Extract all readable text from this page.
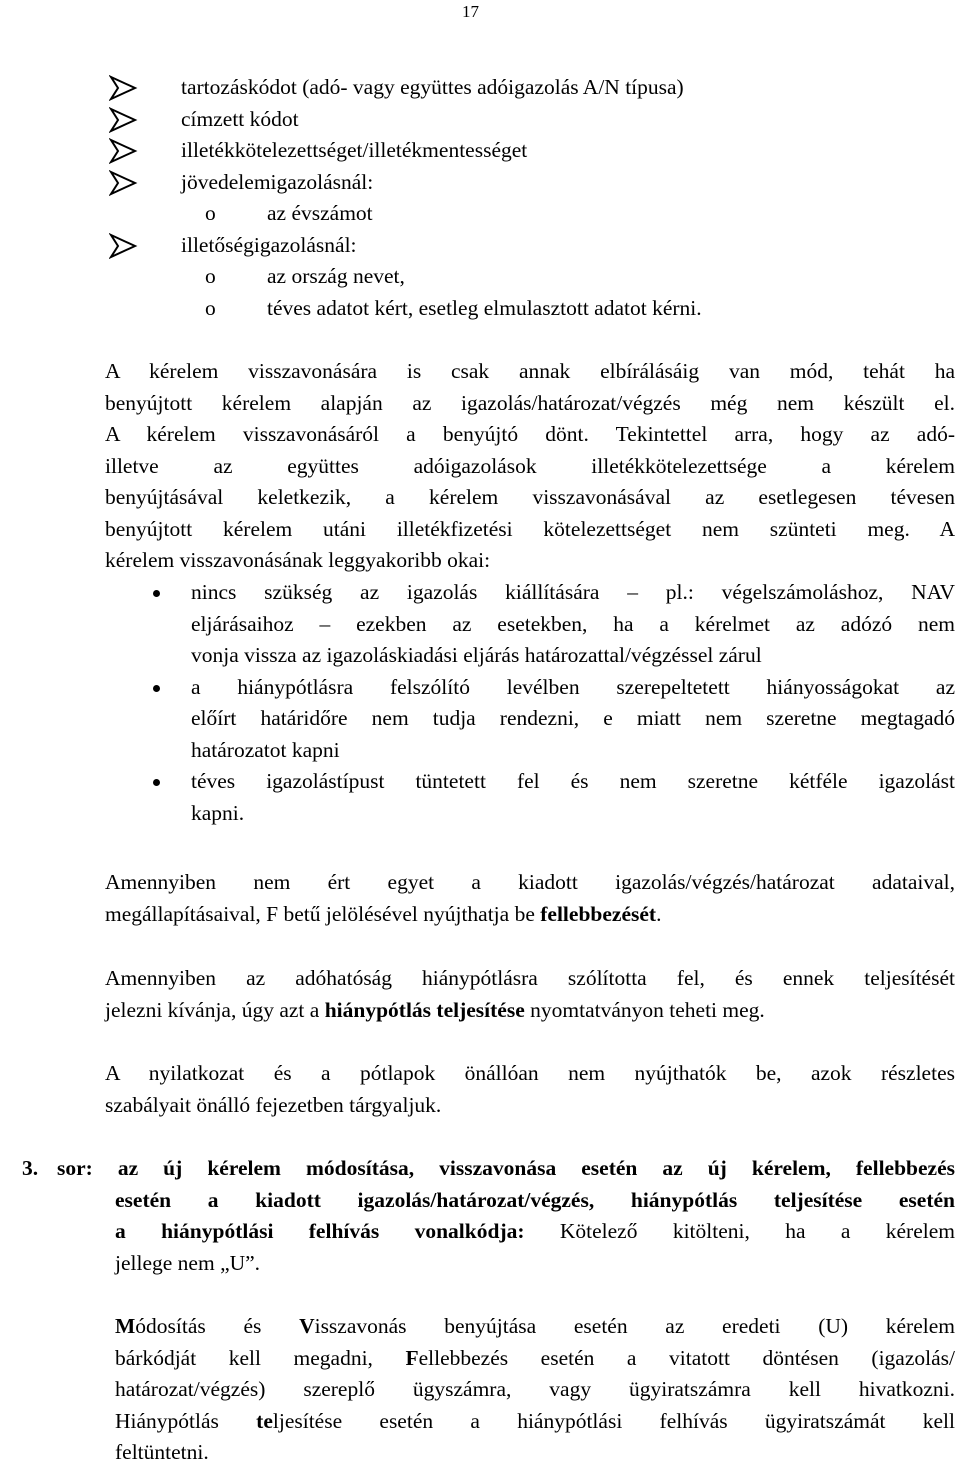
17
tartozáskódot (adó- vagy együttes adóigazolás A/N típusa)
címzett kódot
illetékkötelezettséget/illetékmentességet
jövedelemigazolásnál:
o az évszámot
illetőségigazolásnál:
o az ország nevet,
o téves adatot kért, esetleg elmulasztott adatot kérni.
A kérelem visszavonására is csak annak elbírálásáig van mód, tehát ha
benyújtott kérelem alapján az igazolás/határozat/végzés még nem készült el.
A kérelem visszavonásáról a benyújtó dönt. Tekintettel arra, hogy az adó-
illetve az együttes adóigazolások illetékkötelezettsége a kérelem
benyújtásával keletkezik, a kérelem visszavonásával az esetlegesen tévesen
benyújtott kérelem utáni illetékfizetési kötelezettséget nem szünteti meg. A
kérelem visszavonásának leggyakoribb okai:
nincs szükség az igazolás kiállítására – pl.: végelszámoláshoz, NAV
eljárásaihoz – ezekben az esetekben, ha a kérelmet az adózó nem
vonja vissza az igazoláskiadási eljárás határozattal/végzéssel zárul
a hiánypótlásra felszólító levélben szerepeltetett hiányosságokat az
előírt határidőre nem tudja rendezni, e miatt nem szeretne megtagadó
határozatot kapni
téves igazolástípust tüntetett fel és nem szeretne kétféle igazolást
kapni.
Amennyiben nem ért egyet a kiadott igazolás/végzés/határozat adataival,
megállapításaival, F betű jelölésével nyújthatja be fellebbezését.
Amennyiben az adóhatóság hiánypótlásra szólította fel, és ennek teljesítését
jelezni kívánja, úgy azt a hiánypótlás teljesítése nyomtatványon teheti meg.
A nyilatkozat és a pótlapok önállóan nem nyújthatók be, azok részletes
szabályait önálló fejezetben tárgyaljuk.
3. sor: az új kérelem módosítása, visszavonása esetén az új kérelem, fellebbezés
esetén a kiadott igazolás/határozat/végzés, hiánypótlás teljesítése esetén
a hiánypótlási felhívás vonalkódja: Kötelező kitölteni, ha a kérelem
jellege nem „U”.
Módosítás és Visszavonás benyújtása esetén az eredeti (U) kérelem
bárkódját kell megadni, Fellebbezés esetén a vitatott döntésen (igazolás/
határozat/végzés) szereplő ügyszámra, vagy ügyiratszámra kell hivatkozni.
Hiánypótlás teljesítése esetén a hiánypótlási felhívás ügyiratszámát kell
feltüntetni.
